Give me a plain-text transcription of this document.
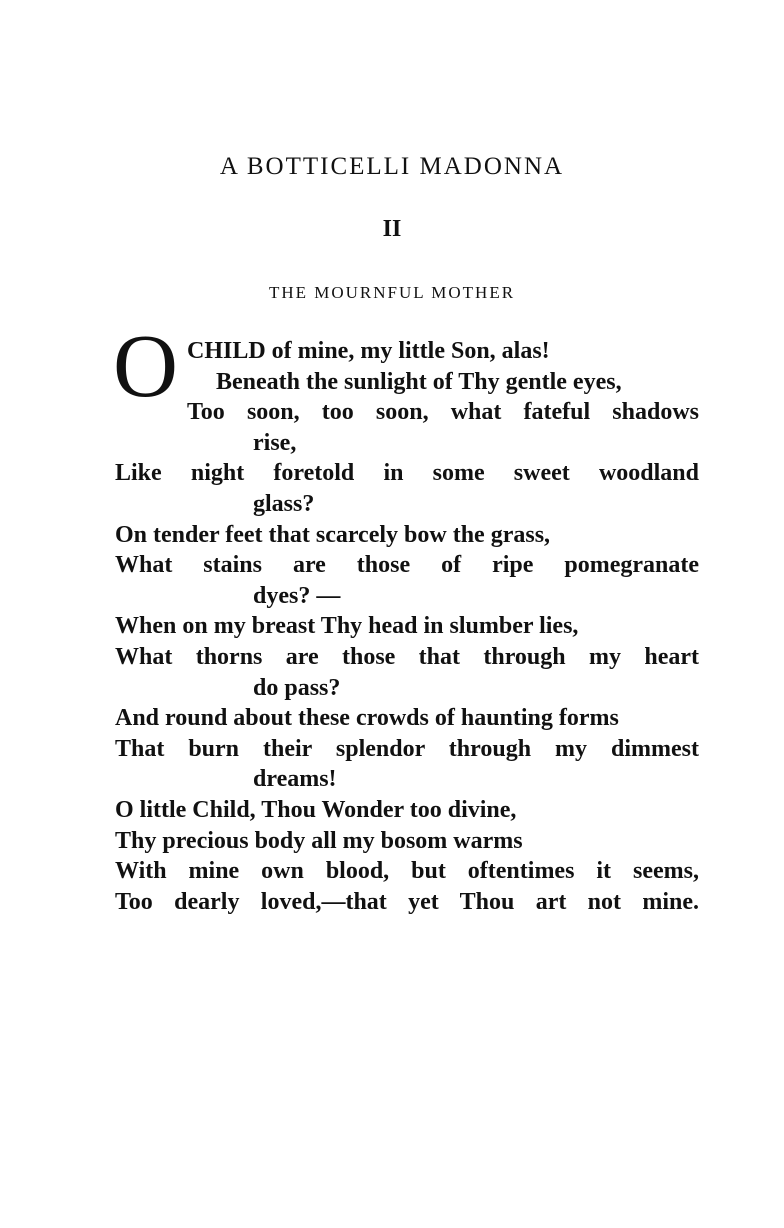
A BOTTICELLI MADONNA
II
THE MOURNFUL MOTHER
O CHILD of mine, my little Son, alas!
Beneath the sunlight of Thy gentle eyes,
Too soon, too soon, what fateful shadows
rise,
Like night foretold in some sweet woodland
glass?
On tender feet that scarcely bow the grass,
What stains are those of ripe pomegranate
dyes? —
When on my breast Thy head in slumber lies,
What thorns are those that through my heart
do pass?
And round about these crowds of haunting forms
That burn their splendor through my dimmest
dreams!
O little Child, Thou Wonder too divine,
Thy precious body all my bosom warms
With mine own blood, but oftentimes it seems,
Too dearly loved,—that yet Thou art not mine.
